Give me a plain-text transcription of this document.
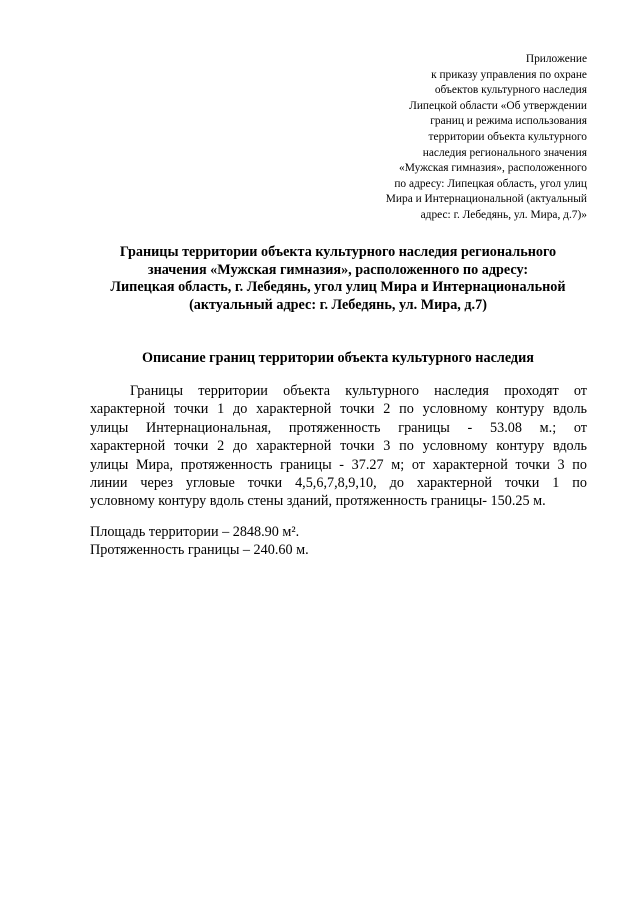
Приложение
к приказу управления по охране
объектов культурного наследия
Липецкой области «Об утверждении
границ и режима использования
территории объекта культурного
наследия регионального значения
«Мужская гимназия», расположенного
по адресу: Липецкая область, угол улиц
Мира и Интернациональной (актуальный
адрес: г. Лебедянь, ул. Мира, д.7)»
Границы территории объекта культурного наследия регионального
значения «Мужская гимназия», расположенного по адресу:
Липецкая область, г. Лебедянь, угол улиц Мира и Интернациональной
(актуальный адрес: г. Лебедянь, ул. Мира, д.7)
Описание границ территории объекта культурного наследия
Границы территории объекта культурного наследия проходят от
характерной точки 1 до характерной точки 2 по условному контуру вдоль
улицы Интернациональная, протяженность границы - 53.08 м.; от
характерной точки 2 до характерной точки 3 по условному контуру вдоль
улицы Мира, протяженность границы - 37.27 м; от характерной точки 3 по
линии через угловые точки 4,5,6,7,8,9,10, до характерной точки 1 по
условному контуру вдоль стены зданий, протяженность границы- 150.25 м.
Площадь территории – 2848.90 м².
Протяженность границы – 240.60 м.
